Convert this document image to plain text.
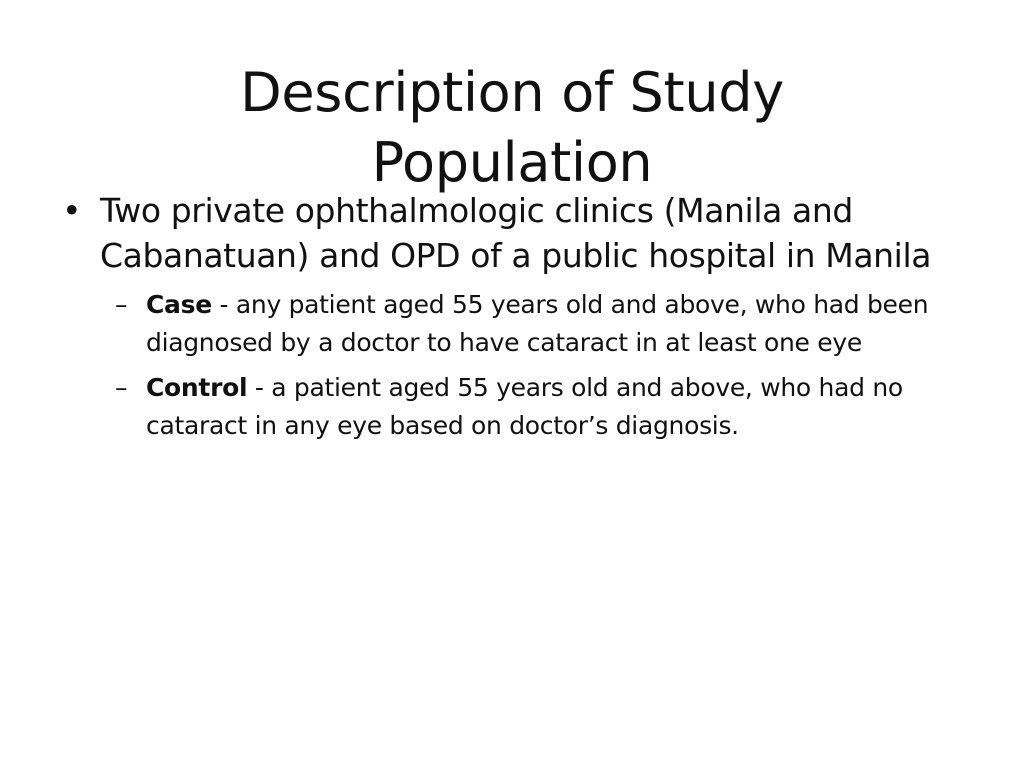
Description of Study
Population
• Two private ophthalmologic clinics (Manila and Cabanatuan) and OPD of a public hospital in Manila
– Case - any patient aged 55 years old and above, who had been diagnosed by a doctor to have cataract in at least one eye
– Control - a patient aged 55 years old and above, who had no cataract in any eye based on doctor’s diagnosis.
